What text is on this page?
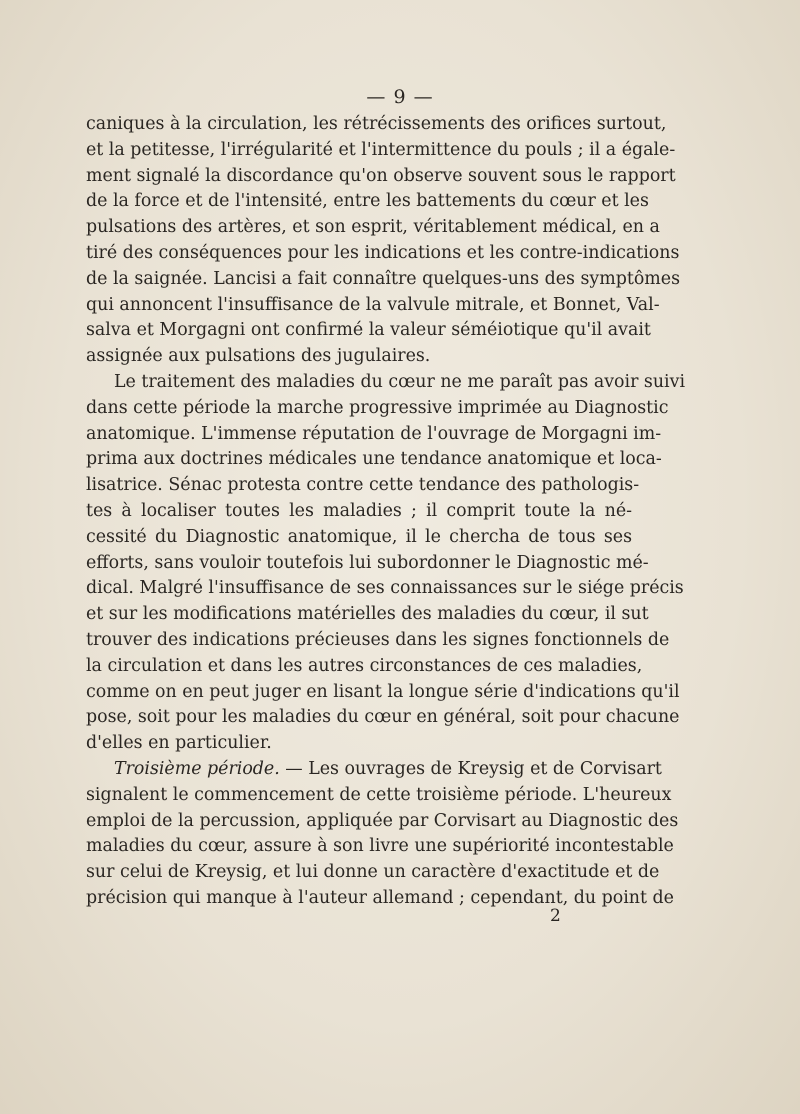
— 9 —
caniques à la circulation, les rétrécissements des orifices surtout,
et la petitesse, l'irrégularité et l'intermittence du pouls ; il a égale-
ment signalé la discordance qu'on observe souvent sous le rapport
de la force et de l'intensité, entre les battements du cœur et les
pulsations des artères, et son esprit, véritablement médical, en a
tiré des conséquences pour les indications et les contre-indications
de la saignée. Lancisi a fait connaître quelques-uns des symptômes
qui annoncent l'insuffisance de la valvule mitrale, et Bonnet, Val-
salva et Morgagni ont confirmé la valeur séméiotique qu'il avait
assignée aux pulsations des jugulaires.
Le traitement des maladies du cœur ne me paraît pas avoir suivi
dans cette période la marche progressive imprimée au Diagnostic
anatomique. L'immense réputation de l'ouvrage de Morgagni im-
prima aux doctrines médicales une tendance anatomique et loca-
lisatrice. Sénac protesta contre cette tendance des pathologis-
tes à localiser toutes les maladies ; il comprit toute la né-
cessité du Diagnostic anatomique, il le chercha de tous ses
efforts, sans vouloir toutefois lui subordonner le Diagnostic mé-
dical. Malgré l'insuffisance de ses connaissances sur le siége précis
et sur les modifications matérielles des maladies du cœur, il sut
trouver des indications précieuses dans les signes fonctionnels de
la circulation et dans les autres circonstances de ces maladies,
comme on en peut juger en lisant la longue série d'indications qu'il
pose, soit pour les maladies du cœur en général, soit pour chacune
d'elles en particulier.
Troisième période. — Les ouvrages de Kreysig et de Corvisart
signalent le commencement de cette troisième période. L'heureux
emploi de la percussion, appliquée par Corvisart au Diagnostic des
maladies du cœur, assure à son livre une supériorité incontestable
sur celui de Kreysig, et lui donne un caractère d'exactitude et de
précision qui manque à l'auteur allemand ; cependant, du point de
2
